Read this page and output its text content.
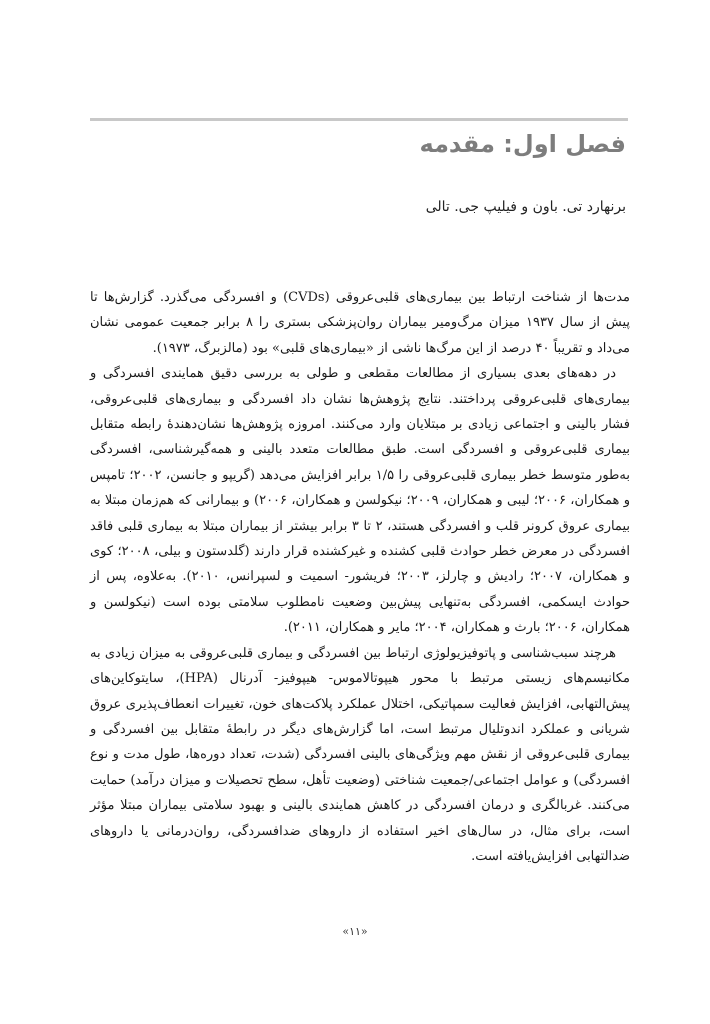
فصل اول: مقدمه

برنهارد تی. باون و فیلیپ جی. تالی

مدت‌ها از شناخت ارتباط بین بیماری‌های قلبی‌عروقی (CVDs) و افسردگی می‌گذرد. گزارش‌ها تا پیش از سال ۱۹۳۷ میزان مرگ‌ومیر بیماران روان‌پزشکی بستری را ۸ برابر جمعیت عمومی نشان می‌داد و تقریباً ۴۰ درصد از این مرگ‌ها ناشی از «بیماری‌های قلبی» بود (مالزبرگ، ۱۹۷۳).

در دهه‌های بعدی بسیاری از مطالعات مقطعی و طولی به بررسی دقیق همایندی افسردگی و بیماری‌های قلبی‌عروقی پرداختند. نتایج پژوهش‌ها نشان داد افسردگی و بیماری‌های قلبی‌عروقی، فشار بالینی و اجتماعی زیادی بر مبتلایان وارد می‌کنند. امروزه پژوهش‌ها نشان‌دهندهٔ رابطه متقابل بیماری قلبی‌عروقی و افسردگی است. طبق مطالعات متعدد بالینی و همه‌گیرشناسی، افسردگی به‌طور متوسط خطر بیماری قلبی‌عروقی را ۱/۵ برابر افزایش می‌دهد (گریپو و جانسن، ۲۰۰۲؛ تامپس و همکاران، ۲۰۰۶؛ لیبی و همکاران، ۲۰۰۹؛ نیکولسن و همکاران، ۲۰۰۶) و بیمارانی که هم‌زمان مبتلا به بیماری عروق کرونر قلب و افسردگی هستند، ۲ تا ۳ برابر بیشتر از بیماران مبتلا به بیماری قلبی فاقد افسردگی در معرض خطر حوادث قلبی کشنده و غیرکشنده قرار دارند (گلدستون و بیلی، ۲۰۰۸؛ کوی و همکاران، ۲۰۰۷؛ رادیش و چارلز، ۲۰۰۳؛ فریشور- اسمیت و لسپرانس، ۲۰۱۰). به‌علاوه، پس از حوادث ایسکمی، افسردگی به‌تنهایی پیش‌بین وضعیت نامطلوب سلامتی بوده است (نیکولسن و همکاران، ۲۰۰۶؛ بارث و همکاران، ۲۰۰۴؛ مایر و همکاران، ۲۰۱۱).

هرچند سبب‌شناسی و پاتوفیزیولوژی ارتباط بین افسردگی و بیماری قلبی‌عروقی به میزان زیادی به مکانیسم‌های زیستی مرتبط با محور هیپوتالاموس- هیپوفیز- آدرنال (HPA)، سایتوکاین‌های پیش‌التهابی، افزایش فعالیت سمپاتیکی، اختلال عملکرد پلاکت‌های خون، تغییرات انعطاف‌پذیری عروق شریانی و عملکرد اندوتلیال مرتبط است، اما گزارش‌های دیگر در رابطهٔ متقابل بین افسردگی و بیماری قلبی‌عروقی از نقش مهم ویژگی‌های بالینی افسردگی (شدت، تعداد دوره‌ها، طول مدت و نوع افسردگی) و عوامل اجتماعی/جمعیت شناختی (وضعیت تأهل، سطح تحصیلات و میزان درآمد) حمایت می‌کنند. غربالگری و درمان افسردگی در کاهش همایندی بالینی و بهبود سلامتی بیماران مبتلا مؤثر است، برای مثال، در سال‌های اخیر استفاده از داروهای ضدافسردگی، روان‌درمانی یا داروهای ضدالتهابی افزایش‌یافته است.

«۱۱»
